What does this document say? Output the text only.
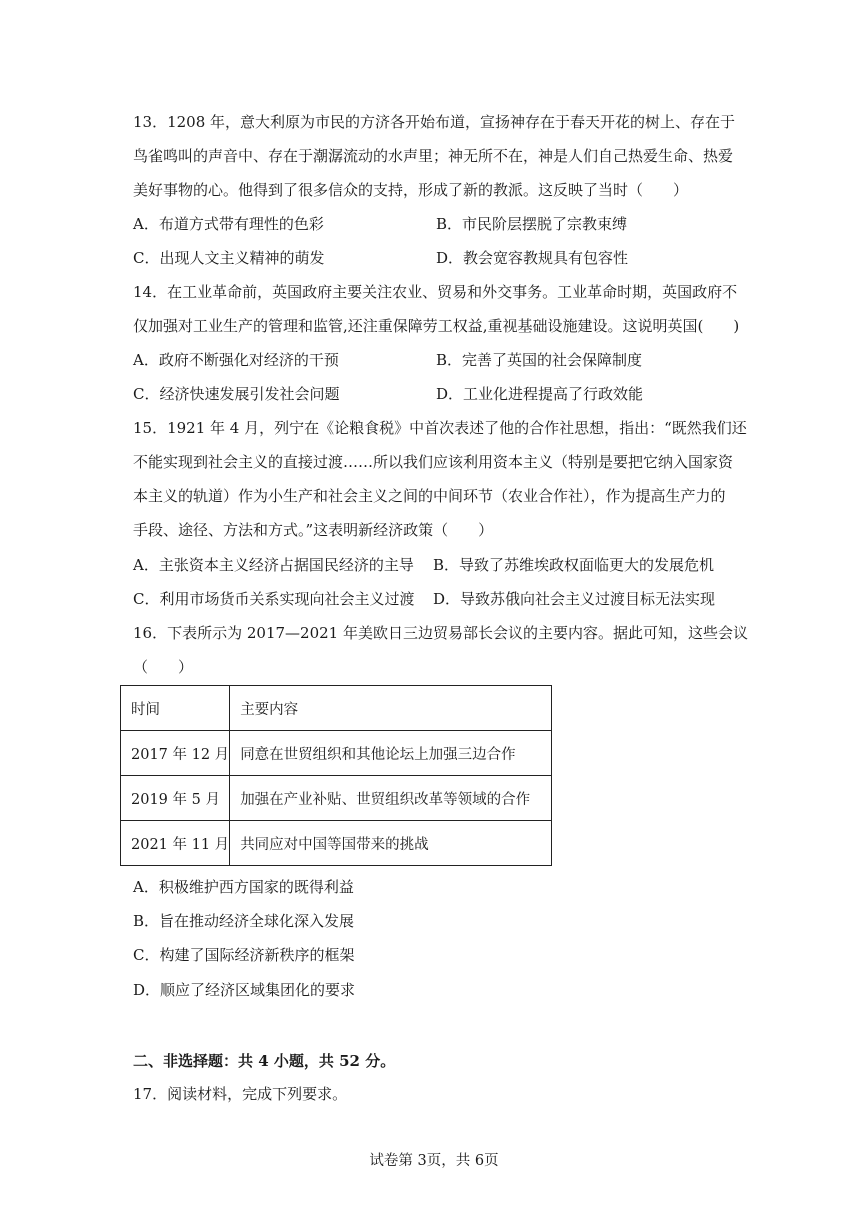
13．1208 年，意大利原为市民的方济各开始布道，宣扬神存在于春天开花的树上、存在于
鸟雀鸣叫的声音中、存在于潮潺流动的水声里；神无所不在，神是人们自己热爱生命、热爱
美好事物的心。他得到了很多信众的支持，形成了新的教派。这反映了当时（　　）
A．布道方式带有理性的色彩	B．市民阶层摆脱了宗教束缚
C．出现人文主义精神的萌发	D．教会宽容教规具有包容性
14．在工业革命前，英国政府主要关注农业、贸易和外交事务。工业革命时期，英国政府不
仅加强对工业生产的管理和监管,还注重保障劳工权益,重视基础设施建设。这说明英国(　　)
A．政府不断强化对经济的干预	B．完善了英国的社会保障制度
C．经济快速发展引发社会问题	D．工业化进程提高了行政效能
15．1921 年 4 月，列宁在《论粮食税》中首次表述了他的合作社思想，指出：“既然我们还
不能实现到社会主义的直接过渡……所以我们应该利用资本主义（特别是要把它纳入国家资
本主义的轨道）作为小生产和社会主义之间的中间环节（农业合作社），作为提高生产力的
手段、途径、方法和方式。”这表明新经济政策（　　）
A．主张资本主义经济占据国民经济的主导 B．导致了苏维埃政权面临更大的发展危机
C．利用市场货币关系实现向社会主义过渡 D．导致苏俄向社会主义过渡目标无法实现
16．下表所示为 2017—2021 年美欧日三边贸易部长会议的主要内容。据此可知，这些会议
（　　）
时间	主要内容
2017 年 12 月	同意在世贸组织和其他论坛上加强三边合作
2019 年 5 月	加强在产业补贴、世贸组织改革等领域的合作
2021 年 11 月	共同应对中国等国带来的挑战
A．积极维护西方国家的既得利益
B．旨在推动经济全球化深入发展
C．构建了国际经济新秩序的框架
D．顺应了经济区域集团化的要求
二、非选择题：共 4 小题，共 52 分。
17．阅读材料，完成下列要求。
试卷第 3页，共 6页
